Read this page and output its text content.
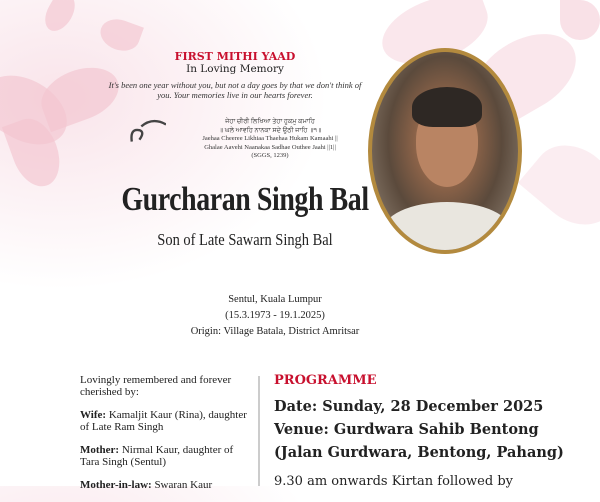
FIRST MITHI YAAD
In Loving Memory
It's been one year without you, but not a day goes by that we don't think of you. Your memories live in our hearts forever.
ਜੇਹਾ ਚੀਰੀ ਲਿਖਿਆ ਤੇਹਾ ਹੁਕਮੁ ਕਮਾਹਿ
॥ ਘਲੇ ਆਵਹਿ ਨਾਨਕਾ ਸਦੇ ਉਠੀ ਜਾਹਿ ॥੧॥
Jaehaa Cheeree Likhiaa Thaehaa Hukam Kamaahi ||
Ghalae Aavehi Naanakaa Sadhae Outhee Jaahi ||1||
(SGGS, 1239)
Gurcharan Singh Bal
Son of Late Sawarn Singh Bal
Sentul, Kuala Lumpur
(15.3.1973 - 19.1.2025)
Origin: Village Batala, District Amritsar

Lovingly remembered and forever cherished by:

Wife: Kamaljit Kaur (Rina), daughter of Late Ram Singh

Mother: Nirmal Kaur, daughter of Tara Singh (Sentul)

Mother-in-law: Swaran Kaur

PROGRAMME
Date: Sunday, 28 December 2025
Venue: Gurdwara Sahib Bentong
(Jalan Gurdwara, Bentong, Pahang)
9.30 am onwards Kirtan followed by
